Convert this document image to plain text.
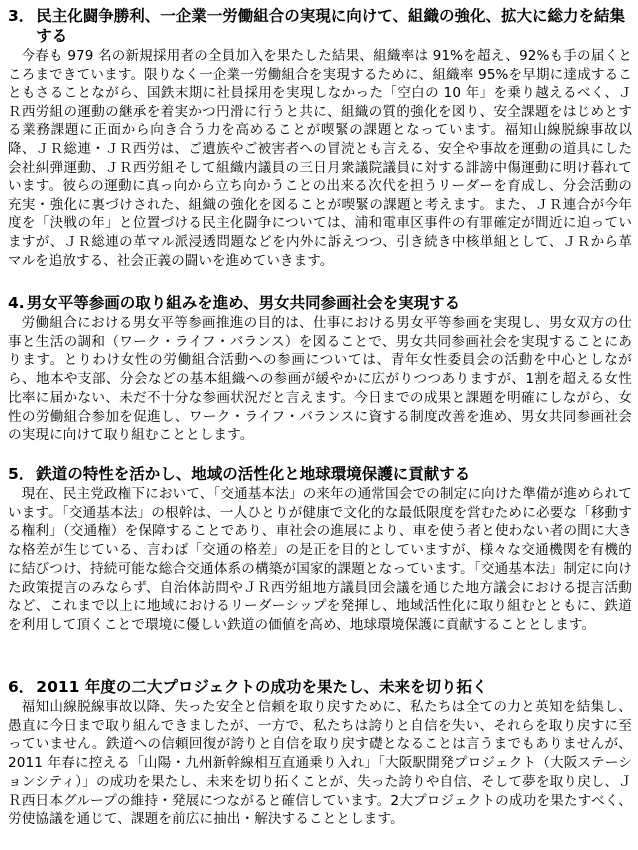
3． 民主化闘争勝利、一企業一労働組合の実現に向けて、組織の強化、拡大に総力を結集する

今春も 979 名の新規採用者の全員加入を果たした結果、組織率は 91%を超え、92%も手の届くところまできています。限りなく一企業一労働組合を実現するために、組織率 95%を早期に達成することもさることながら、国鉄末期に社員採用を実現しなかった「空白の 10 年」を乗り越えるべく、ＪＲ西労組の運動の継承を着実かつ円滑に行うと共に、組織の質的強化を図り、安全課題をはじめとする業務課題に正面から向き合う力を高めることが喫緊の課題となっています。福知山線脱線事故以降、ＪＲ総連・ＪＲ西労は、ご遺族やご被害者への冒涜とも言える、安全や事故を運動の道具にした会社糾弾運動、ＪＲ西労組そして組織内議員の三日月衆議院議員に対する誹謗中傷運動に明け暮れています。彼らの運動に真っ向から立ち向かうことの出来る次代を担うリーダーを育成し、分会活動の充実・強化に裏づけされた、組織の強化を図ることが喫緊の課題と考えます。また、ＪＲ連合が今年度を「決戦の年」と位置づける民主化闘争については、浦和電車区事件の有罪確定が間近に迫っていますが、ＪＲ総連の革マル派浸透問題などを内外に訴えつつ、引き続き中核単組として、ＪＲから革マルを追放する、社会正義の闘いを進めていきます。

4. 男女平等参画の取り組みを進め、男女共同参画社会を実現する

労働組合における男女平等参画推進の目的は、仕事における男女平等参画を実現し、男女双方の仕事と生活の調和（ワーク・ライフ・バランス）を図ることで、男女共同参画社会を実現することにあります。とりわけ女性の労働組合活動への参画については、青年女性委員会の活動を中心としながら、地本や支部、分会などの基本組織への参画が緩やかに広がりつつありますが、1割を超える女性比率に届かない、未だ不十分な参画状況だと言えます。今日までの成果と課題を明確にしながら、女性の労働組合参加を促進し、ワーク・ライフ・バランスに資する制度改善を進め、男女共同参画社会の実現に向けて取り組むこととします。

5． 鉄道の特性を活かし、地域の活性化と地球環境保護に貢献する

現在、民主党政権下において、「交通基本法」の来年の通常国会での制定に向けた準備が進められています。「交通基本法」の根幹は、一人ひとりが健康で文化的な最低限度を営むために必要な「移動する権利」（交通権）を保障することであり、車社会の進展により、車を使う者と使わない者の間に大きな格差が生じている、言わば「交通の格差」の是正を目的としていますが、様々な交通機関を有機的に結びつけ、持続可能な総合交通体系の構築が国家的課題となっています。「交通基本法」制定に向けた政策提言のみならず、自治体訪問やＪＲ西労組地方議員団会議を通じた地方議会における提言活動など、これまで以上に地域におけるリーダーシップを発揮し、地域活性化に取り組むとともに、鉄道を利用して頂くことで環境に優しい鉄道の価値を高め、地球環境保護に貢献することとします。

6． 2011 年度の二大プロジェクトの成功を果たし、未来を切り拓く

福知山線脱線事故以降、失った安全と信頼を取り戻すために、私たちは全ての力と英知を結集し、愚直に今日まで取り組んできましたが、一方で、私たちは誇りと自信を失い、それらを取り戻すに至っていません。鉄道への信頼回復が誇りと自信を取り戻す礎となることは言うまでもありませんが、2011 年春に控える「山陽・九州新幹線相互直通乗り入れ」「大阪駅開発プロジェクト（大阪ステーションシティ）」の成功を果たし、未来を切り拓くことが、失った誇りや自信、そして夢を取り戻し、ＪＲ西日本グループの維持・発展につながると確信しています。2大プロジェクトの成功を果たすべく、労使協議を通じて、課題を前広に抽出・解決することとします。
